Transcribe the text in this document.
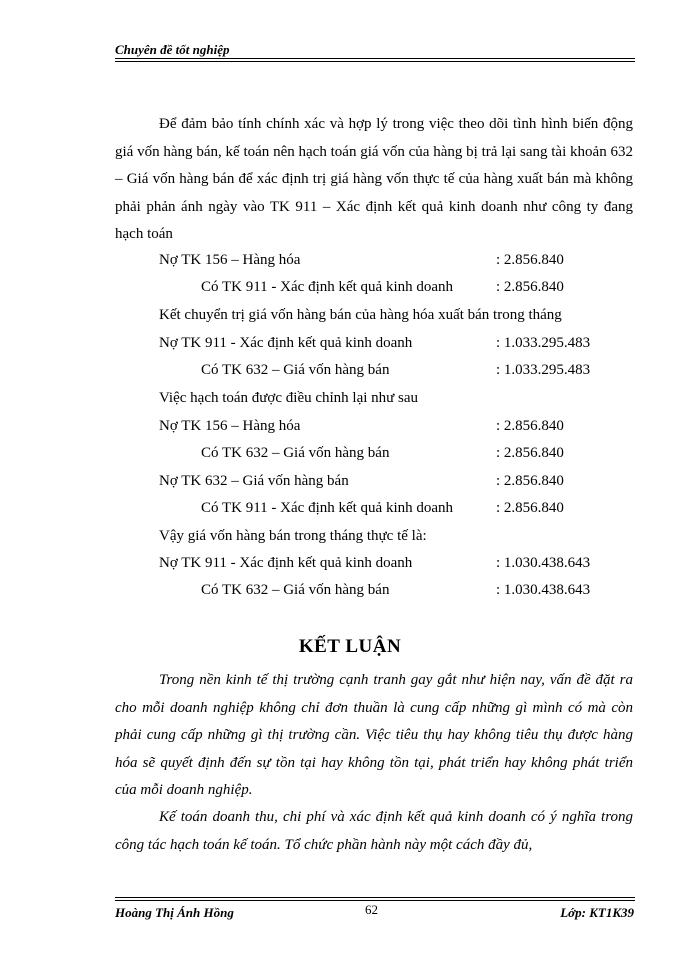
Chuyên đề tốt nghiệp
Để đảm bảo tính chính xác và hợp lý trong việc theo dõi tình hình biến động giá vốn hàng bán, kế toán nên hạch toán giá vốn của hàng bị trả lại sang tài khoản 632 – Giá vốn hàng bán để xác định trị giá hàng vốn thực tế của hàng xuất bán mà không phải phản ánh ngày vào TK 911 – Xác định kết quả kinh doanh như công ty đang hạch toán
Nợ TK 156 – Hàng hóa	: 2.856.840
Có TK 911 - Xác định kết quả kinh doanh	: 2.856.840
Kết chuyển trị giá vốn hàng bán của hàng hóa xuất bán trong tháng
Nợ TK 911 - Xác định kết quả kinh doanh	: 1.033.295.483
Có TK 632 – Giá vốn hàng bán	: 1.033.295.483
Việc hạch toán được điều chỉnh lại như sau
Nợ TK 156 – Hàng hóa	: 2.856.840
Có TK 632 – Giá vốn hàng bán	: 2.856.840
Nợ TK 632 – Giá vốn hàng bán	: 2.856.840
Có TK 911 - Xác định kết quả kinh doanh	: 2.856.840
Vậy giá vốn hàng bán trong tháng thực tế là:
Nợ TK 911 - Xác định kết quả kinh doanh	: 1.030.438.643
Có TK 632 – Giá vốn hàng bán	: 1.030.438.643
KẾT LUẬN
Trong nền kinh tế thị trường cạnh tranh gay gắt như hiện nay, vấn đề đặt ra cho mỗi doanh nghiệp không chỉ đơn thuần là cung cấp những gì mình có mà còn phải cung cấp những gì thị trường cần. Việc tiêu thụ hay không tiêu thụ được hàng hóa sẽ quyết định đến sự tồn tại hay không tồn tại, phát triển hay không phát triển của mỗi doanh nghiệp.
Kế toán doanh thu, chi phí và xác định kết quả kinh doanh có ý nghĩa trong công tác hạch toán kế toán. Tổ chức phần hành này một cách đầy đủ,
Hoàng Thị Ánh Hồng	62	Lớp: KT1K39
